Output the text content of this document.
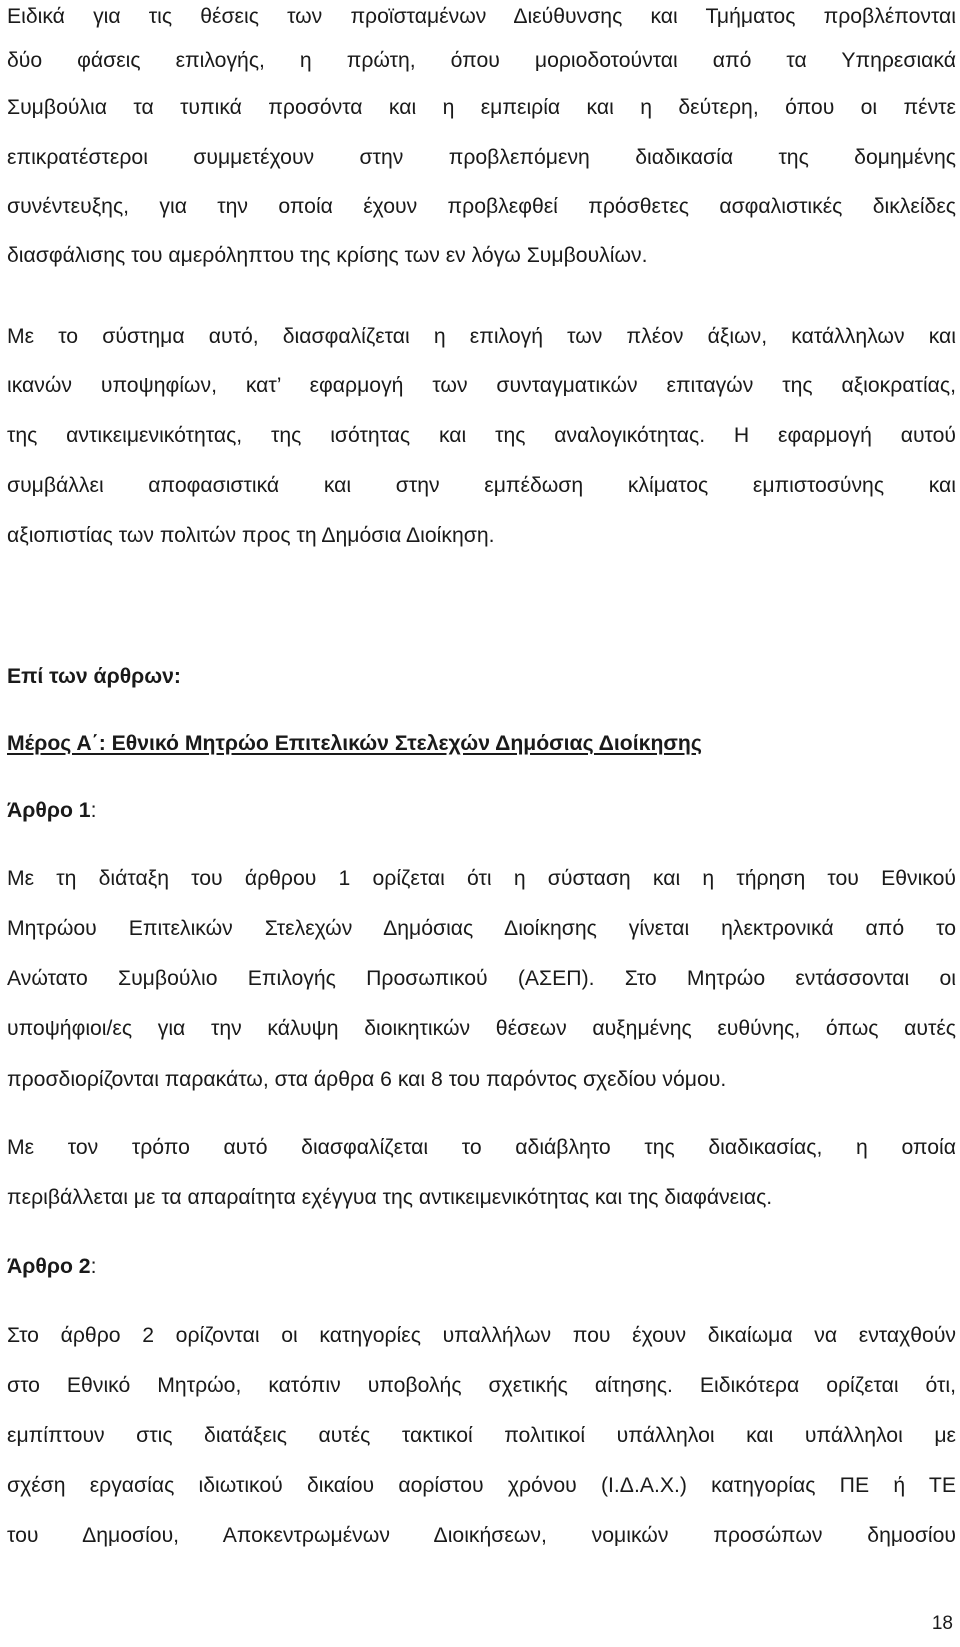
Ειδικά για τις θέσεις των προϊσταμένων Διεύθυνσης και Τμήματος προβλέπονται
δύο φάσεις επιλογής, η πρώτη, όπου μοριοδοτούνται από τα Υπηρεσιακά
Συμβούλια τα τυπικά προσόντα και η εμπειρία και η δεύτερη, όπου οι πέντε
επικρατέστεροι συμμετέχουν στην προβλεπόμενη διαδικασία της δομημένης
συνέντευξης, για την οποία έχουν προβλεφθεί πρόσθετες ασφαλιστικές δικλείδες
διασφάλισης του αμερόληπτου της κρίσης των εν λόγω Συμβουλίων.
Με το σύστημα αυτό, διασφαλίζεται η επιλογή των πλέον άξιων, κατάλληλων και
ικανών υποψηφίων, κατ’ εφαρμογή των συνταγματικών επιταγών της αξιοκρατίας,
της αντικειμενικότητας, της ισότητας και της αναλογικότητας. Η εφαρμογή αυτού
συμβάλλει αποφασιστικά και στην εμπέδωση κλίματος εμπιστοσύνης και
αξιοπιστίας των πολιτών προς τη Δημόσια Διοίκηση.
Επί των άρθρων:
Μέρος Α΄: Εθνικό Μητρώο Επιτελικών Στελεχών Δημόσιας Διοίκησης
Άρθρο 1:
Με τη διάταξη του άρθρου 1 ορίζεται ότι η σύσταση και η τήρηση του Εθνικού
Μητρώου Επιτελικών Στελεχών Δημόσιας Διοίκησης γίνεται ηλεκτρονικά από το
Ανώτατο Συμβούλιο Επιλογής Προσωπικού (ΑΣΕΠ). Στο Μητρώο εντάσσονται οι
υποψήφιοι/ες για την κάλυψη διοικητικών θέσεων αυξημένης ευθύνης, όπως αυτές
προσδιορίζονται παρακάτω, στα άρθρα 6 και 8 του παρόντος σχεδίου νόμου.
Με τον τρόπο αυτό διασφαλίζεται το αδιάβλητο της διαδικασίας, η οποία
περιβάλλεται με τα απαραίτητα εχέγγυα της αντικειμενικότητας και της διαφάνειας.
Άρθρο 2:
Στο άρθρο 2 ορίζονται οι κατηγορίες υπαλλήλων που έχουν δικαίωμα να ενταχθούν
στο Εθνικό Μητρώο, κατόπιν υποβολής σχετικής αίτησης. Ειδικότερα ορίζεται ότι,
εμπίπτουν στις διατάξεις αυτές τακτικοί πολιτικοί υπάλληλοι και υπάλληλοι με
σχέση εργασίας ιδιωτικού δικαίου αορίστου χρόνου (Ι.Δ.Α.Χ.) κατηγορίας ΠΕ ή ΤΕ
του Δημοσίου, Αποκεντρωμένων Διοικήσεων, νομικών προσώπων δημοσίου
18
